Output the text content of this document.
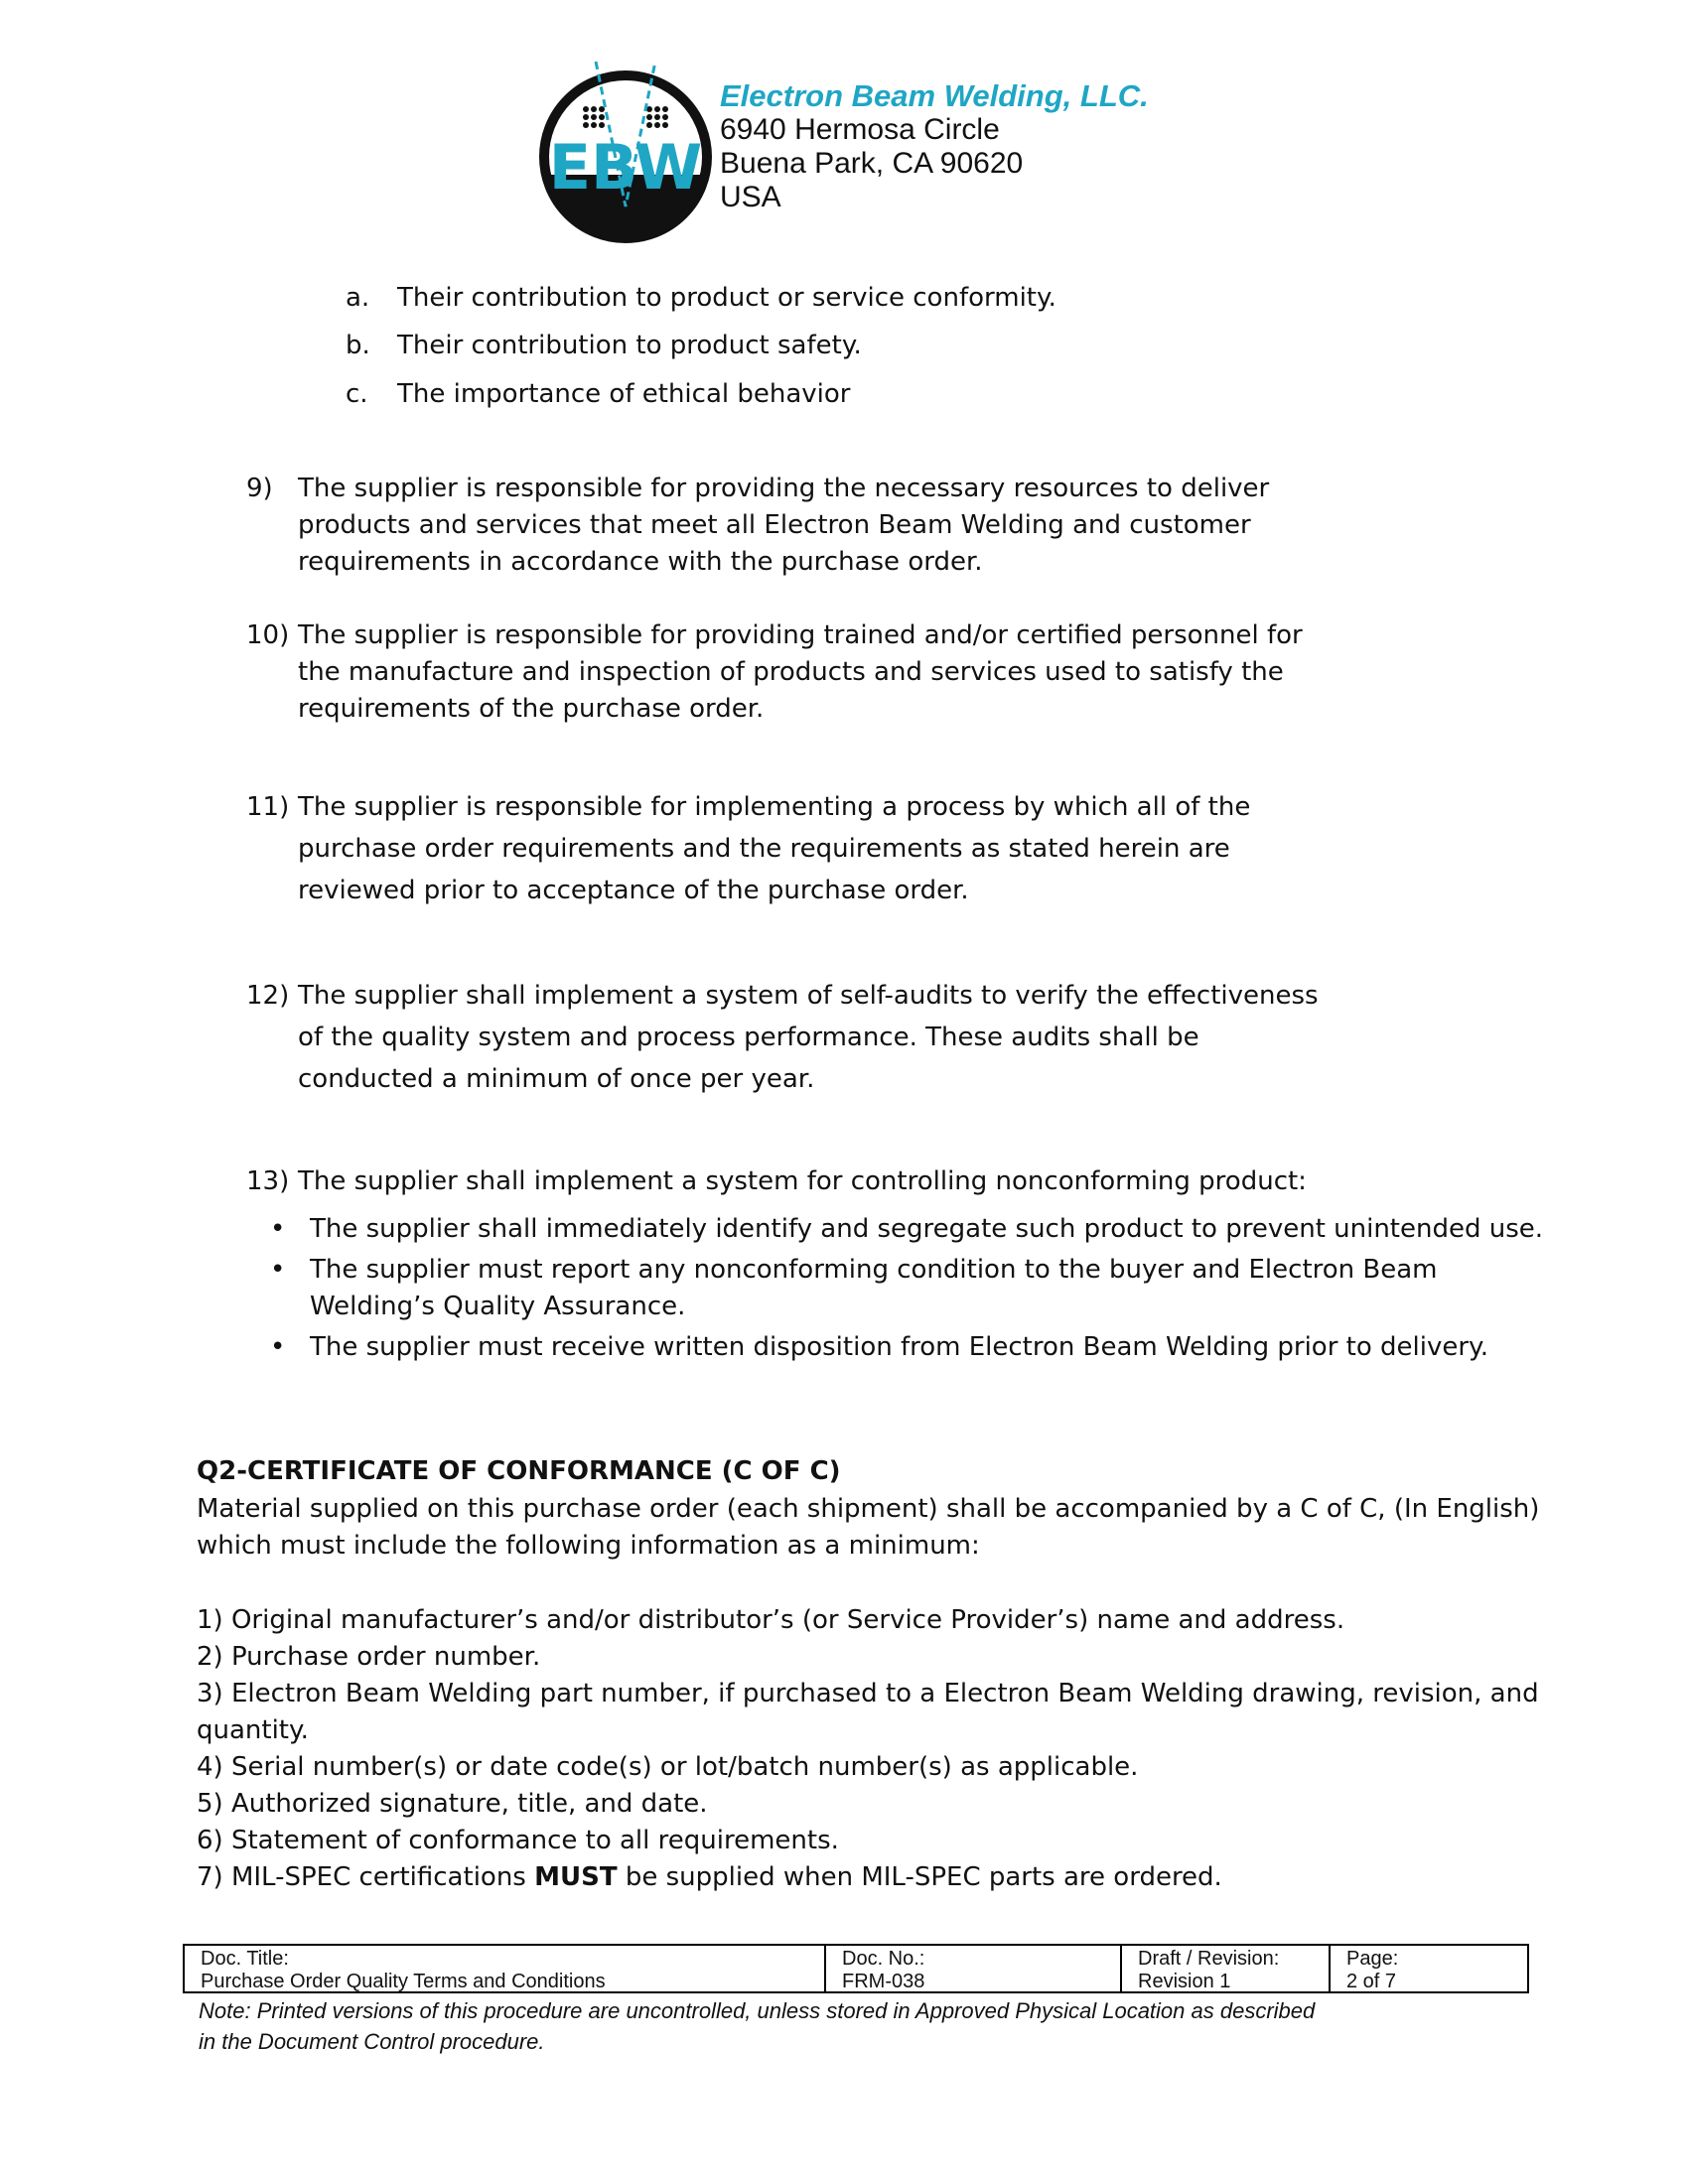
EBW
Electron Beam Welding, LLC.
6940 Hermosa Circle
Buena Park, CA 90620
USA
a. Their contribution to product or service conformity.
b. Their contribution to product safety.
c. The importance of ethical behavior
9) The supplier is responsible for providing the necessary resources to deliver
products and services that meet all Electron Beam Welding and customer
requirements in accordance with the purchase order.
10) The supplier is responsible for providing trained and/or certified personnel for
the manufacture and inspection of products and services used to satisfy the
requirements of the purchase order.
11) The supplier is responsible for implementing a process by which all of the
purchase order requirements and the requirements as stated herein are
reviewed prior to acceptance of the purchase order.
12) The supplier shall implement a system of self-audits to verify the effectiveness
of the quality system and process performance. These audits shall be
conducted a minimum of once per year.
13) The supplier shall implement a system for controlling nonconforming product:
• The supplier shall immediately identify and segregate such product to prevent unintended use.
• The supplier must report any nonconforming condition to the buyer and Electron Beam
Welding’s Quality Assurance.
• The supplier must receive written disposition from Electron Beam Welding prior to delivery.
Q2-CERTIFICATE OF CONFORMANCE (C OF C)
Material supplied on this purchase order (each shipment) shall be accompanied by a C of C, (In English)
which must include the following information as a minimum:
1) Original manufacturer’s and/or distributor’s (or Service Provider’s) name and address.
2) Purchase order number.
3) Electron Beam Welding part number, if purchased to a Electron Beam Welding drawing, revision, and
quantity.
4) Serial number(s) or date code(s) or lot/batch number(s) as applicable.
5) Authorized signature, title, and date.
6) Statement of conformance to all requirements.
7) MIL-SPEC certifications MUST be supplied when MIL-SPEC parts are ordered.
Doc. Title:
Purchase Order Quality Terms and Conditions
Doc. No.:
FRM-038
Draft / Revision:
Revision 1
Page:
2 of 7
Note: Printed versions of this procedure are uncontrolled, unless stored in Approved Physical Location as described
in the Document Control procedure.
